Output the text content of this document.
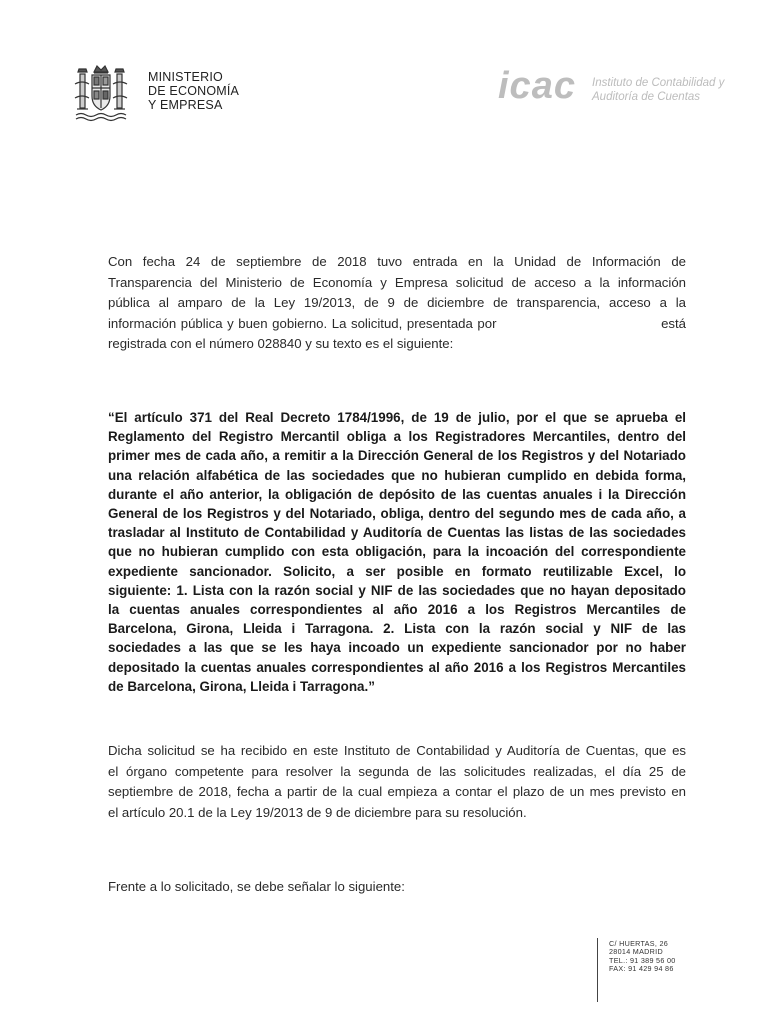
MINISTERIO
DE ECONOMÍA
Y EMPRESA	icac Instituto de Contabilidad y
Auditoría de Cuentas
Con fecha 24 de septiembre de 2018 tuvo entrada en la Unidad de Información de
Transparencia del Ministerio de Economía y Empresa solicitud de acceso a la información
pública al amparo de la Ley 19/2013, de 9 de diciembre de transparencia, acceso a la
información pública y buen gobierno. La solicitud, presentada por	está
registrada con el número 028840 y su texto es el siguiente:
“El artículo 371 del Real Decreto 1784/1996, de 19 de julio, por el que se aprueba el
Reglamento del Registro Mercantil obliga a los Registradores Mercantiles, dentro del
primer mes de cada año, a remitir a la Dirección General de los Registros y del Notariado
una relación alfabética de las sociedades que no hubieran cumplido en debida forma,
durante el año anterior, la obligación de depósito de las cuentas anuales i la Dirección
General de los Registros y del Notariado, obliga, dentro del segundo mes de cada año, a
trasladar al Instituto de Contabilidad y Auditoría de Cuentas las listas de las sociedades
que no hubieran cumplido con esta obligación, para la incoación del correspondiente
expediente sancionador. Solicito, a ser posible en formato reutilizable Excel, lo
siguiente: 1. Lista con la razón social y NIF de las sociedades que no hayan depositado
la cuentas anuales correspondientes al año 2016 a los Registros Mercantiles de
Barcelona, Girona, Lleida i Tarragona. 2. Lista con la razón social y NIF de las
sociedades a las que se les haya incoado un expediente sancionador por no haber
depositado la cuentas anuales correspondientes al año 2016 a los Registros Mercantiles
de Barcelona, Girona, Lleida i Tarragona.”
Dicha solicitud se ha recibido en este Instituto de Contabilidad y Auditoría de Cuentas, que es
el órgano competente para resolver la segunda de las solicitudes realizadas, el día 25 de
septiembre de 2018, fecha a partir de la cual empieza a contar el plazo de un mes previsto en
el artículo 20.1 de la Ley 19/2013 de 9 de diciembre para su resolución.
Frente a lo solicitado, se debe señalar lo siguiente:
C/ HUERTAS, 26
28014 MADRID
TEL.: 91 389 56 00
FAX: 91 429 94 86
